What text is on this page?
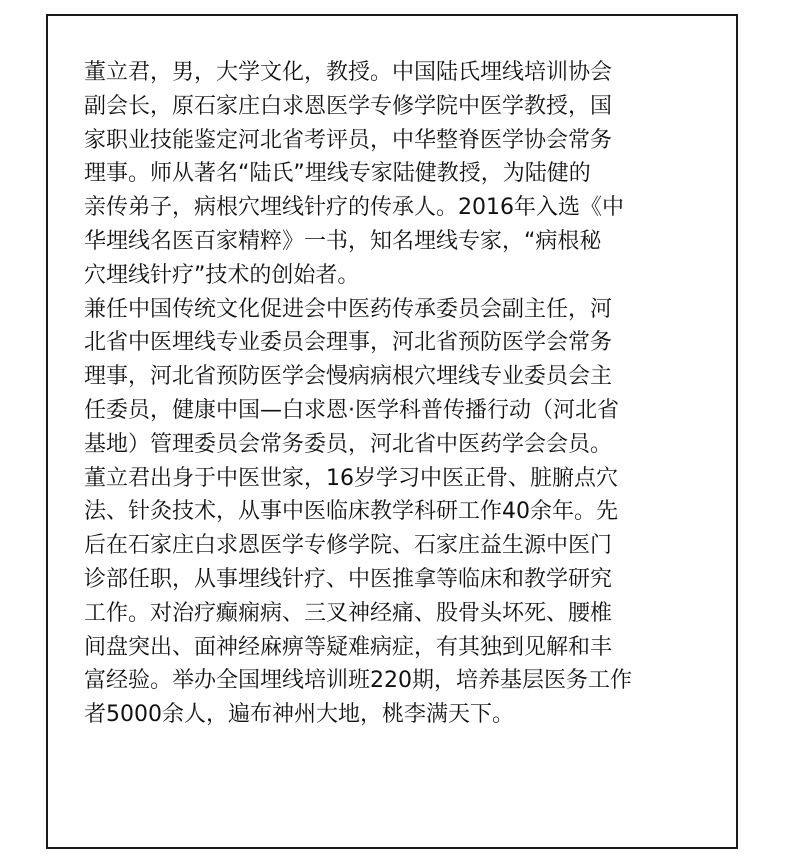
董立君，男，大学文化，教授。中国陆氏埋线培训协会
副会长，原石家庄白求恩医学专修学院中医学教授，国
家职业技能鉴定河北省考评员，中华整脊医学协会常务
理事。师从著名“陆氏”埋线专家陆健教授，为陆健的
亲传弟子，病根穴埋线针疗的传承人。2016年入选《中
华埋线名医百家精粹》一书，知名埋线专家，“病根秘
穴埋线针疗”技术的创始者。
兼任中国传统文化促进会中医药传承委员会副主任，河
北省中医埋线专业委员会理事，河北省预防医学会常务
理事，河北省预防医学会慢病病根穴埋线专业委员会主
任委员，健康中国—白求恩·医学科普传播行动（河北省
基地）管理委员会常务委员，河北省中医药学会会员。
董立君出身于中医世家，16岁学习中医正骨、脏腑点穴
法、针灸技术，从事中医临床教学科研工作40余年。先
后在石家庄白求恩医学专修学院、石家庄益生源中医门
诊部任职，从事埋线针疗、中医推拿等临床和教学研究
工作。对治疗癫痫病、三叉神经痛、股骨头坏死、腰椎
间盘突出、面神经麻痹等疑难病症，有其独到见解和丰
富经验。举办全国埋线培训班220期，培养基层医务工作
者5000余人，遍布神州大地，桃李满天下。
